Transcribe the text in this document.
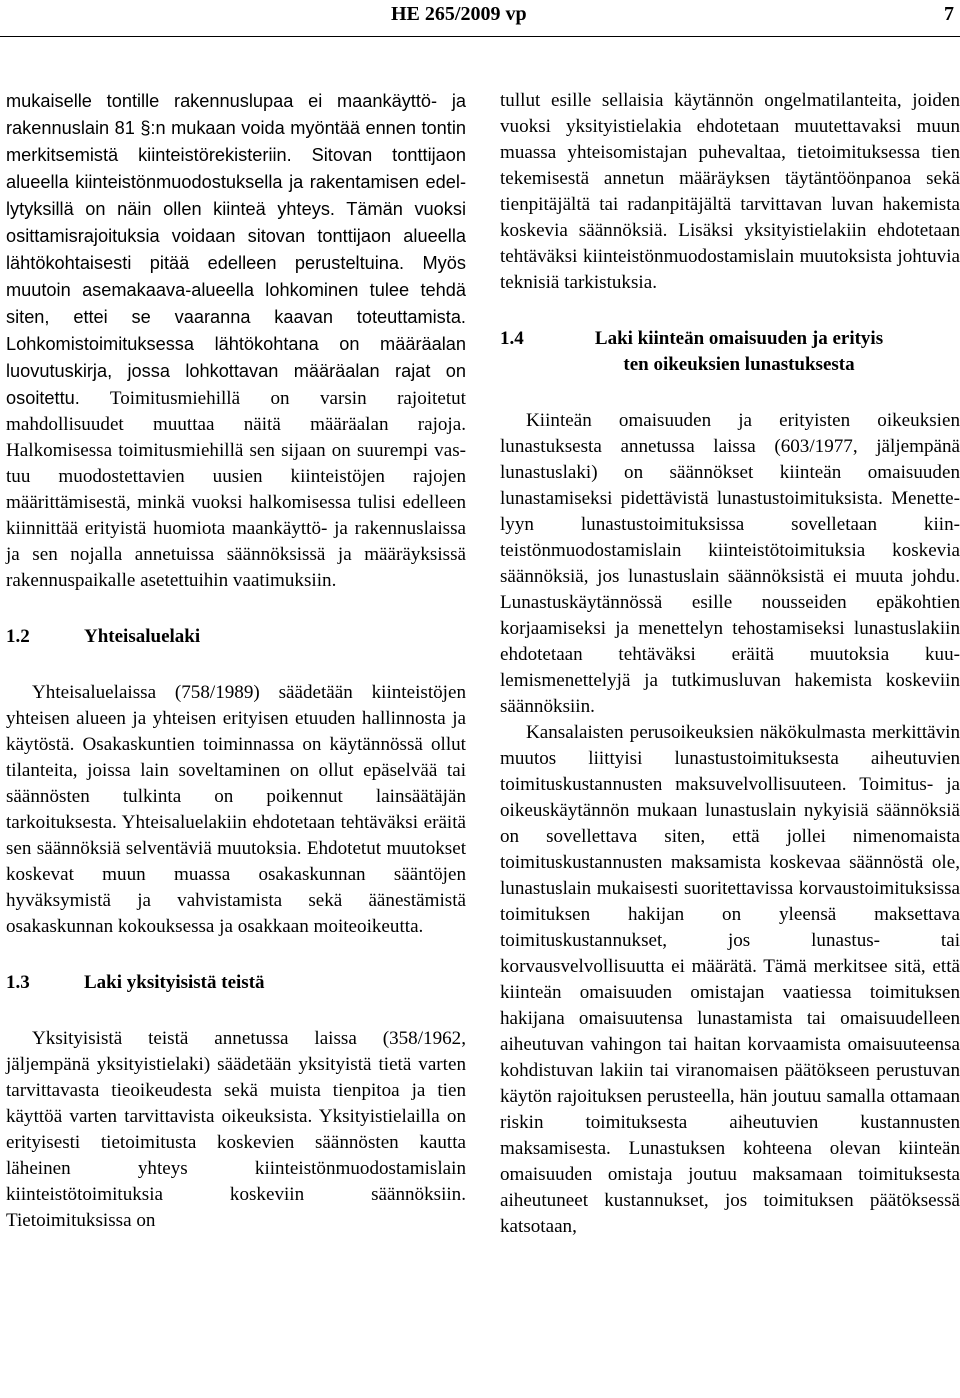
HE 265/2009 vp	7

mukaiselle tontille rakennuslupaa ei maankäyttö- ja rakennuslain 81 §:n mukaan voida myöntää ennen tontin merkitsemistä kiinteistörekisteriin. Sitovan tonttijaon alueella kiinteistönmuodostuksella ja rakentamisen edellytyksillä on näin ollen kiinteä yhteys. Tämän vuoksi osittamisrajoituksia voidaan sitovan tonttijaon alueella lähtökohtaisesti pitää edelleen perusteltuina. Myös muutoin asemakaava-alueella lohkominen tulee tehdä siten, ettei se vaaranna kaavan toteuttamista. Lohkomistoimituksessa lähtökohtana on määräalan luovutuskirja, jossa lohkottavan määräalan rajat on osoitettu. Toimitusmiehillä on varsin rajoitetut mahdollisuudet muuttaa näitä määräalan rajoja. Halkomisessa toimitusmiehillä sen sijaan on suurempi vastuu muodostettavien uusien kiinteistöjen rajojen määrittämisestä, minkä vuoksi halkomisessa tulisi edelleen kiinnittää erityistä huomiota maankäyttö- ja rakennuslaissa ja sen nojalla annetuissa säännöksissä ja määräyksissä rakennuspaikalle asetettuihin vaatimuksiin.

1.2	Yhteisaluelaki

Yhteisaluelaissa (758/1989) säädetään kiinteistöjen yhteisen alueen ja yhteisen erityisen etuuden hallinnosta ja käytöstä. Osakaskuntien toiminnassa on käytännössä ollut tilanteita, joissa lain soveltaminen on ollut epäselvää tai säännösten tulkinta on poikennut lainsäätäjän tarkoituksesta. Yhteisaluelakiin ehdotetaan tehtäväksi eräitä sen säännöksiä selventäviä muutoksia. Ehdotetut muutokset koskevat muun muassa osakaskunnan sääntöjen hyväksymistä ja vahvistamista sekä äänestämistä osakaskunnan kokouksessa ja osakkaan moiteoikeutta.

1.3	Laki yksityisistä teistä

Yksityisistä teistä annetussa laissa (358/1962, jäljempänä yksityistielaki) säädetään yksityistä tietä varten tarvittavasta tieoikeudesta sekä muista tienpitoa ja tien käyttöä varten tarvittavista oikeuksista. Yksityistielailla on erityisesti tietoimitusta koskevien säännösten kautta läheinen yhteys kiinteistönmuodostamislain kiinteistötoimituksia koskeviin säännöksiin. Tietoimituksissa on

tullut esille sellaisia käytännön ongelmatilanteita, joiden vuoksi yksityistielakia ehdotetaan muutettavaksi muun muassa yhteisomistajan puhevaltaa, tietoimituksessa tien tekemisestä annetun määräyksen täytäntöönpanoa sekä tienpitäjältä tai radanpitäjältä tarvittavan luvan hakemista koskevia säännöksiä. Lisäksi yksityistielakiin ehdotetaan tehtäväksi kiinteistönmuodostamislain muutoksista johtuvia teknisiä tarkistuksia.

1.4	Laki kiinteän omaisuuden ja erityis
ten oikeuksien lunastuksesta

Kiinteän omaisuuden ja erityisten oikeuksien lunastuksesta annetussa laissa (603/1977, jäljempänä lunastuslaki) on säännökset kiinteän omaisuuden lunastamiseksi pidettävistä lunastustoimituksista. Menettelyyn lunastustoimituksissa sovelletaan kiinteistönmuodostamislain kiinteistötoimituksia koskevia säännöksiä, jos lunastuslain säännöksistä ei muuta johdu. Lunastuskäytännössä esille nousseiden epäkohtien korjaamiseksi ja menettelyn tehostamiseksi lunastuslakiin ehdotetaan tehtäväksi eräitä muutoksia kuulemismenettelyjä ja tutkimusluvan hakemista koskeviin säännöksiin.

Kansalaisten perusoikeuksien näkökulmasta merkittävin muutos liittyisi lunastustoimituksesta aiheutuvien toimituskustannusten maksuvelvollisuuteen. Toimitus- ja oikeuskäytännön mukaan lunastuslain nykyisiä säännöksiä on sovellettava siten, että jollei nimenomaista toimituskustannusten maksamista koskevaa säännöstä ole, lunastuslain mukaisesti suoritettavissa korvaustoimituksissa toimituksen hakijan on yleensä maksettava toimituskustannukset, jos lunastus- tai korvausvelvollisuutta ei määrätä. Tämä merkitsee sitä, että kiinteän omaisuuden omistajan vaatiessa toimituksen hakijana omaisuutensa lunastamista tai omaisuudelleen aiheutuvan vahingon tai haitan korvaamista omaisuuteensa kohdistuvan lakiin tai viranomaisen päätökseen perustuvan käytön rajoituksen perusteella, hän joutuu samalla ottamaan riskin toimituksesta aiheutuvien kustannusten maksamisesta. Lunastuksen kohteena olevan kiinteän omaisuuden omistaja joutuu maksamaan toimituksesta aiheutuneet kustannukset, jos toimituksen päätöksessä katsotaan,
